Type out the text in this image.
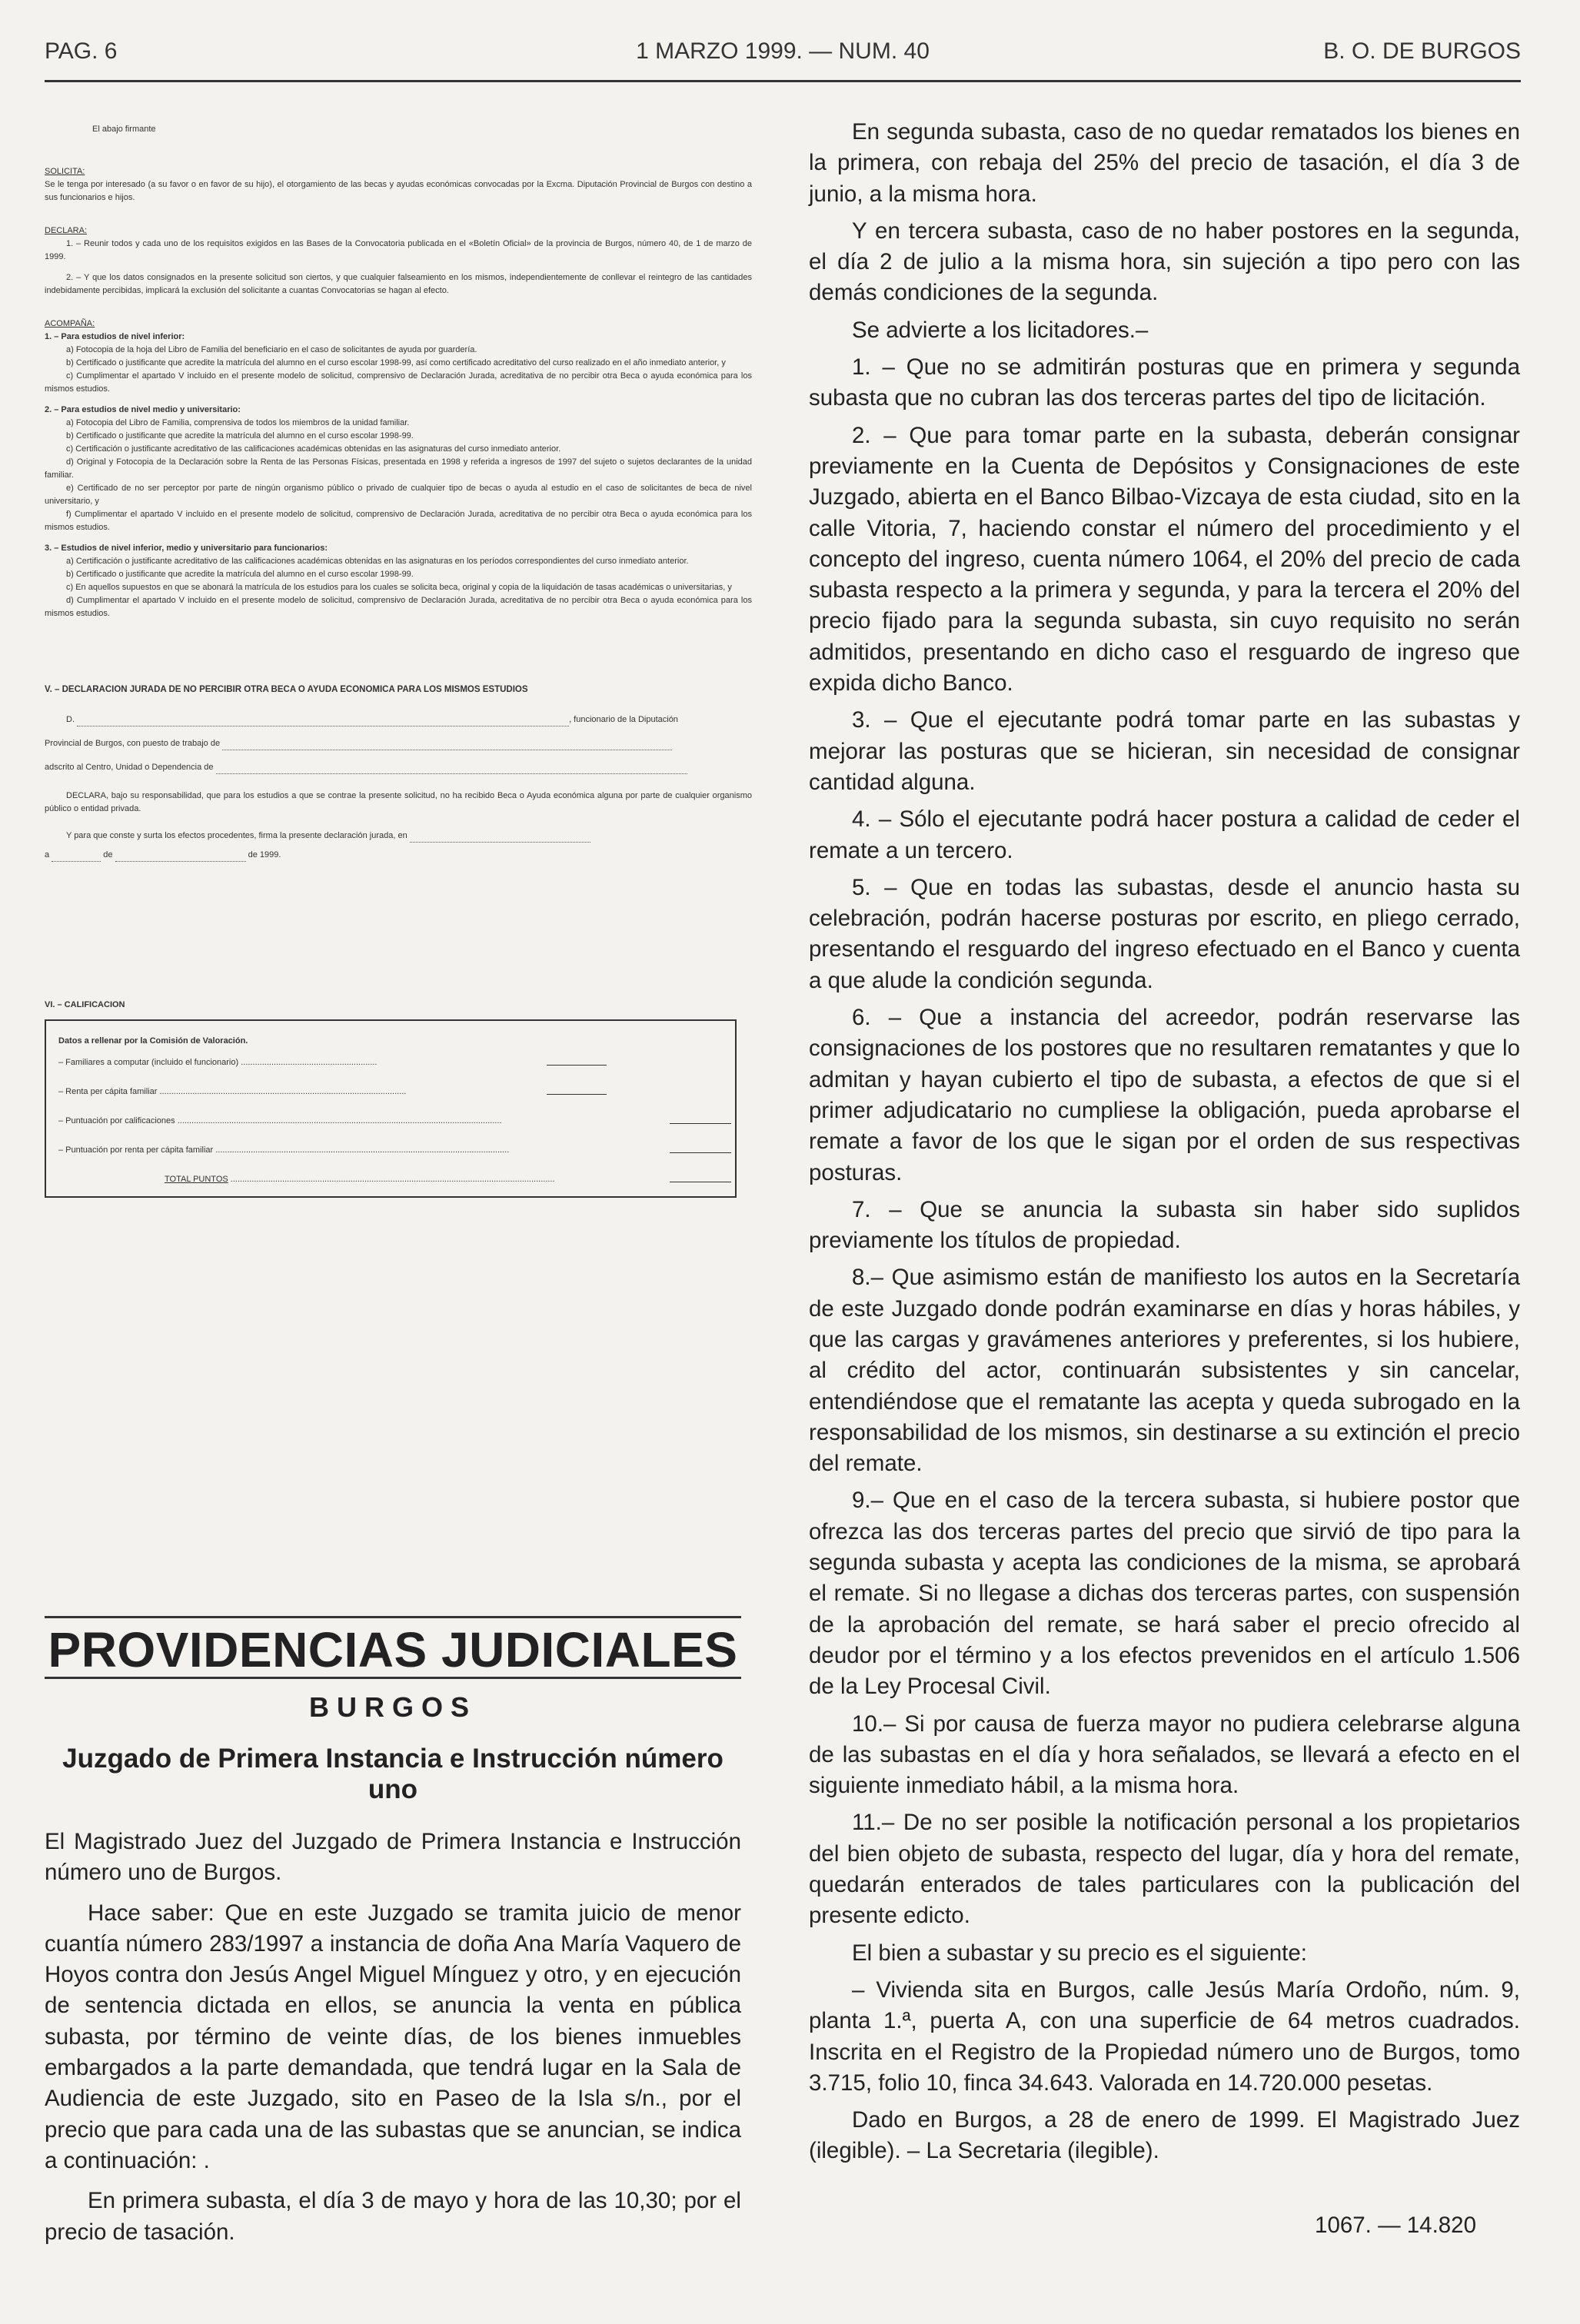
PAG. 6	1 MARZO 1999. — NUM. 40	B. O. DE BURGOS

El abajo firmante

SOLICITA:

Se le tenga por interesado (a su favor o en favor de su hijo), el otorgamiento de las becas y ayudas económicas convocadas por la Excma. Diputación Provincial de Burgos con destino a sus funcionarios e hijos.

DECLARA:

1. – Reunir todos y cada uno de los requisitos exigidos en las Bases de la Convocatoria publicada en el «Boletín Oficial» de la provincia de Burgos, número 40, de 1 de marzo de 1999.

2. – Y que los datos consignados en la presente solicitud son ciertos, y que cualquier falseamiento en los mismos, independientemente de conllevar el reintegro de las cantidades indebidamente percibidas, implicará la exclusión del solicitante a cuantas Convocatorias se hagan al efecto.

ACOMPAÑA:

1. – Para estudios de nivel inferior:

a) Fotocopia de la hoja del Libro de Familia del beneficiario en el caso de solicitantes de ayuda por guardería.

b) Certificado o justificante que acredite la matrícula del alumno en el curso escolar 1998-99, así como certificado acreditativo del curso realizado en el año inmediato anterior, y

c) Cumplimentar el apartado V incluido en el presente modelo de solicitud, comprensivo de Declaración Jurada, acreditativa de no percibir otra Beca o ayuda económica para los mismos estudios.

2. – Para estudios de nivel medio y universitario:

a) Fotocopia del Libro de Familia, comprensiva de todos los miembros de la unidad familiar.

b) Certificado o justificante que acredite la matrícula del alumno en el curso escolar 1998-99.

c) Certificación o justificante acreditativo de las calificaciones académicas obtenidas en las asignaturas del curso inmediato anterior.

d) Original y Fotocopia de la Declaración sobre la Renta de las Personas Físicas, presentada en 1998 y referida a ingresos de 1997 del sujeto o sujetos declarantes de la unidad familiar.

e) Certificado de no ser perceptor por parte de ningún organismo público o privado de cualquier tipo de becas o ayuda al estudio en el caso de solicitantes de beca de nivel universitario, y

f) Cumplimentar el apartado V incluido en el presente modelo de solicitud, comprensivo de Declaración Jurada, acreditativa de no percibir otra Beca o ayuda económica para los mismos estudios.

3. – Estudios de nivel inferior, medio y universitario para funcionarios:

a) Certificación o justificante acreditativo de las calificaciones académicas obtenidas en las asignaturas en los períodos correspondientes del curso inmediato anterior.

b) Certificado o justificante que acredite la matrícula del alumno en el curso escolar 1998-99.

c) En aquellos supuestos en que se abonará la matrícula de los estudios para los cuales se solicita beca, original y copia de la liquidación de tasas académicas o universitarias, y

d) Cumplimentar el apartado V incluido en el presente modelo de solicitud, comprensivo de Declaración Jurada, acreditativa de no percibir otra Beca o ayuda económica para los mismos estudios.

V. – DECLARACION JURADA DE NO PERCIBIR OTRA BECA O AYUDA ECONOMICA PARA LOS MISMOS ESTUDIOS

D.	, funcionario de la Diputación

Provincial de Burgos, con puesto de trabajo de

adscrito al Centro, Unidad o Dependencia de

DECLARA, bajo su responsabilidad, que para los estudios a que se contrae la presente solicitud, no ha recibido Beca o Ayuda económica alguna por parte de cualquier organismo público o entidad privada.

Y para que conste y surta los efectos procedentes, firma la presente declaración jurada, en

a	de	de 1999.

VI. – CALIFICACION

Datos a rellenar por la Comisión de Valoración.
– Familiares a computar (incluido el funcionario) ..........................................................
– Renta per cápita familiar .........................................................................................................
– Puntuación por calificaciones ..........................................................................................................................................
– Puntuación por renta per cápita familiar .............................................................................................................................
TOTAL PUNTOS ..........................................................................................................................................
PROVIDENCIAS JUDICIALES
BURGOS
Juzgado de Primera Instancia e Instrucción número uno

El Magistrado Juez del Juzgado de Primera Instancia e Instrucción número uno de Burgos.

Hace saber: Que en este Juzgado se tramita juicio de menor cuantía número 283/1997 a instancia de doña Ana María Vaquero de Hoyos contra don Jesús Angel Miguel Mínguez y otro, y en ejecución de sentencia dictada en ellos, se anuncia la venta en pública subasta, por término de veinte días, de los bienes inmuebles embargados a la parte demandada, que tendrá lugar en la Sala de Audiencia de este Juzgado, sito en Paseo de la Isla s/n., por el precio que para cada una de las subastas que se anuncian, se indica a continuación: .

En primera subasta, el día 3 de mayo y hora de las 10,30; por el precio de tasación.

En segunda subasta, caso de no quedar rematados los bienes en la primera, con rebaja del 25% del precio de tasación, el día 3 de junio, a la misma hora.

Y en tercera subasta, caso de no haber postores en la segunda, el día 2 de julio a la misma hora, sin sujeción a tipo pero con las demás condiciones de la segunda.

Se advierte a los licitadores.–

1. – Que no se admitirán posturas que en primera y segunda subasta que no cubran las dos terceras partes del tipo de licitación.

2. – Que para tomar parte en la subasta, deberán consignar previamente en la Cuenta de Depósitos y Consignaciones de este Juzgado, abierta en el Banco Bilbao-Vizcaya de esta ciudad, sito en la calle Vitoria, 7, haciendo constar el número del procedimiento y el concepto del ingreso, cuenta número 1064, el 20% del precio de cada subasta respecto a la primera y segunda, y para la tercera el 20% del precio fijado para la segunda subasta, sin cuyo requisito no serán admitidos, presentando en dicho caso el resguardo de ingreso que expida dicho Banco.

3. – Que el ejecutante podrá tomar parte en las subastas y mejorar las posturas que se hicieran, sin necesidad de consignar cantidad alguna.

4. – Sólo el ejecutante podrá hacer postura a calidad de ceder el remate a un tercero.

5. – Que en todas las subastas, desde el anuncio hasta su celebración, podrán hacerse posturas por escrito, en pliego cerrado, presentando el resguardo del ingreso efectuado en el Banco y cuenta a que alude la condición segunda.

6. – Que a instancia del acreedor, podrán reservarse las consignaciones de los postores que no resultaren rematantes y que lo admitan y hayan cubierto el tipo de subasta, a efectos de que si el primer adjudicatario no cumpliese la obligación, pueda aprobarse el remate a favor de los que le sigan por el orden de sus respectivas posturas.

7. – Que se anuncia la subasta sin haber sido suplidos previamente los títulos de propiedad.

8.– Que asimismo están de manifiesto los autos en la Secretaría de este Juzgado donde podrán examinarse en días y horas hábiles, y que las cargas y gravámenes anteriores y preferentes, si los hubiere, al crédito del actor, continuarán subsistentes y sin cancelar, entendiéndose que el rematante las acepta y queda subrogado en la responsabilidad de los mismos, sin destinarse a su extinción el precio del remate.

9.– Que en el caso de la tercera subasta, si hubiere postor que ofrezca las dos terceras partes del precio que sirvió de tipo para la segunda subasta y acepta las condiciones de la misma, se aprobará el remate. Si no llegase a dichas dos terceras partes, con suspensión de la aprobación del remate, se hará saber el precio ofrecido al deudor por el término y a los efectos prevenidos en el artículo 1.506 de la Ley Procesal Civil.

10.– Si por causa de fuerza mayor no pudiera celebrarse alguna de las subastas en el día y hora señalados, se llevará a efecto en el siguiente inmediato hábil, a la misma hora.

11.– De no ser posible la notificación personal a los propietarios del bien objeto de subasta, respecto del lugar, día y hora del remate, quedarán enterados de tales particulares con la publicación del presente edicto.

El bien a subastar y su precio es el siguiente:

– Vivienda sita en Burgos, calle Jesús María Ordoño, núm. 9, planta 1.ª, puerta A, con una superficie de 64 metros cuadrados. Inscrita en el Registro de la Propiedad número uno de Burgos, tomo 3.715, folio 10, finca 34.643. Valorada en 14.720.000 pesetas.

Dado en Burgos, a 28 de enero de 1999. El Magistrado Juez (ilegible). – La Secretaria (ilegible).

1067. — 14.820
